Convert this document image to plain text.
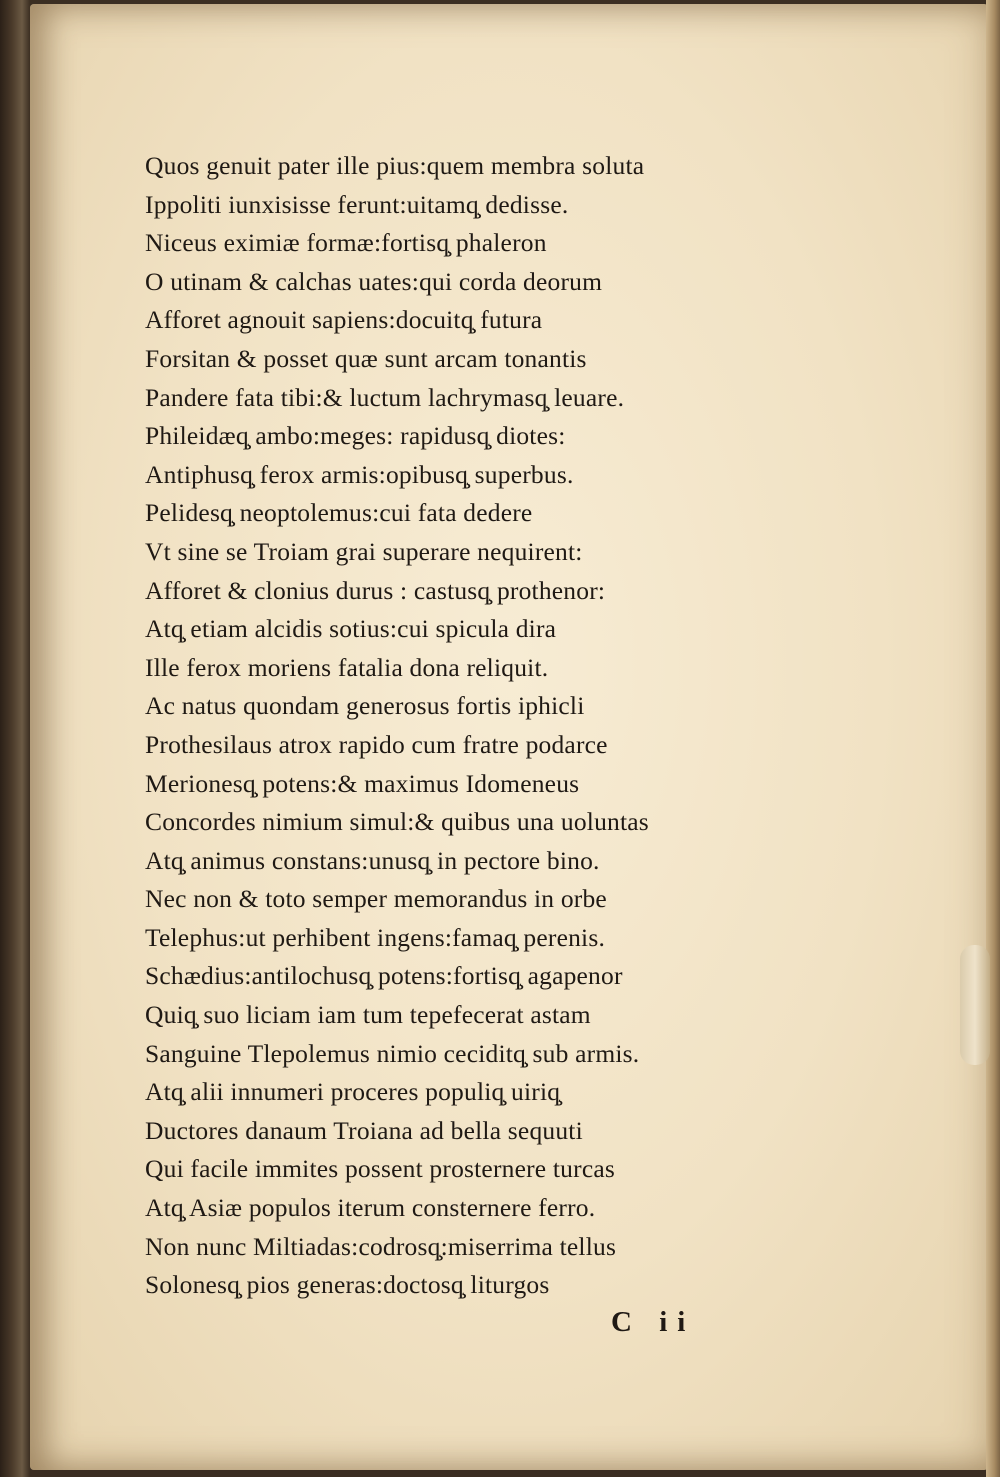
Quos genuit pater ille pius:quem membra soluta
Ippoliti iunxisisse ferunt:uitamq̧ dedisse.
Niceus eximiæ formæ:fortisq̧ phaleron
O utinam & calchas uates:qui corda deorum
Afforet agnouit sapiens:docuitq̧ futura
Forsitan & posset quæ sunt arcam tonantis
Pandere fata tibi:& luctum lachrymasq̧ leuare.
Phileidæq̧ ambo:meges: rapidusq̧ diotes:
Antiphusq̧ ferox armis:opibusq̧ superbus.
Pelidesq̧ neoptolemus:cui fata dedere
Vt sine se Troiam grai superare nequirent:
Afforet & clonius durus : castusq̧ prothenor:
Atq̧ etiam alcidis sotius:cui spicula dira
Ille ferox moriens fatalia dona reliquit.
Ac natus quondam generosus fortis iphicli
Prothesilaus atrox rapido cum fratre podarce
Merionesq̧ potens:& maximus Idomeneus
Concordes nimium simul:& quibus una uoluntas
Atq̧ animus constans:unusq̧ in pectore bino.
Nec non & toto semper memorandus in orbe
Telephus:ut perhibent ingens:famaq̧ perenis.
Schædius:antilochusq̧ potens:fortisq̧ agapenor
Quiq̧ suo liciam iam tum tepefecerat astam
Sanguine Tlepolemus nimio ceciditq̧ sub armis.
Atq̧ alii innumeri proceres populiq̧ uiriq̧
Ductores danaum Troiana ad bella sequuti
Qui facile immites possent prosternere turcas
Atq̧ Asiæ populos iterum consternere ferro.
Non nunc Miltiadas:codrosq̧:miserrima tellus
Solonesq̧ pios generas:doctosq̧ liturgos
C ii
